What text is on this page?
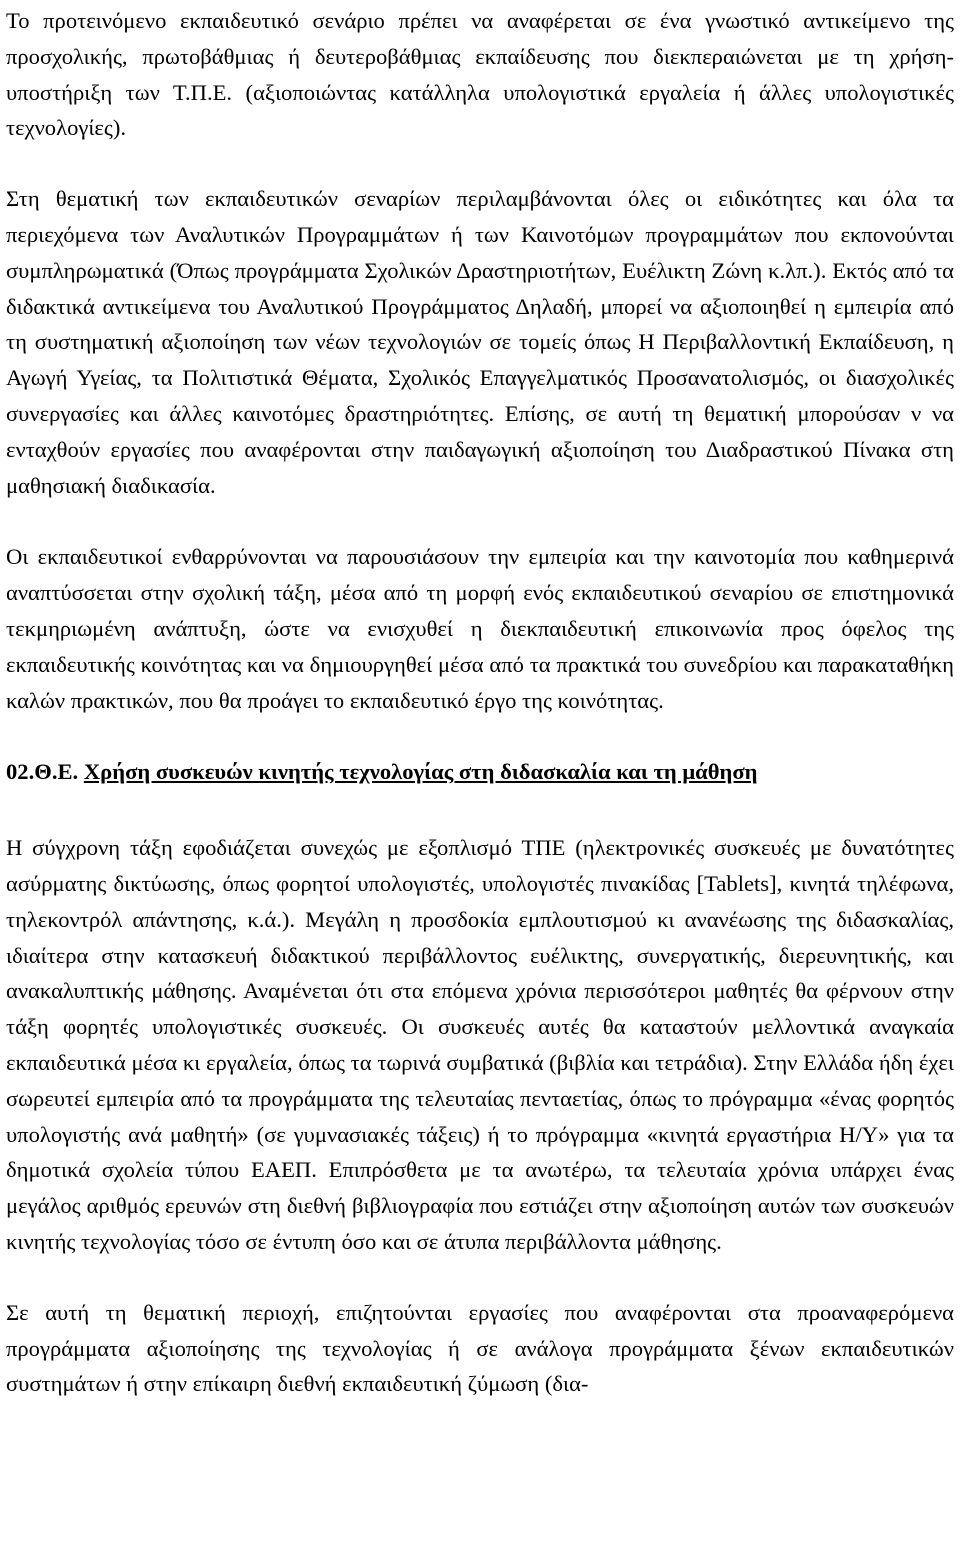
Το προτεινόμενο εκπαιδευτικό σενάριο πρέπει να αναφέρεται σε ένα γνωστικό αντικείμενο της προσχολικής, πρωτοβάθμιας ή δευτεροβάθμιας εκπαίδευσης που διεκπεραιώνεται με τη χρήση-υποστήριξη των Τ.Π.Ε. (αξιοποιώντας κατάλληλα υπολογιστικά εργαλεία ή άλλες υπολογιστικές τεχνολογίες).

Στη θεματική των εκπαιδευτικών σεναρίων περιλαμβάνονται όλες οι ειδικότητες και όλα τα περιεχόμενα των Αναλυτικών Προγραμμάτων ή των Καινοτόμων προγραμμάτων που εκπονούνται συμπληρωματικά (Όπως προγράμματα Σχολικών Δραστηριοτήτων, Ευέλικτη Ζώνη κ.λπ.). Εκτός από τα διδακτικά αντικείμενα του Αναλυτικού Προγράμματος Δηλαδή, μπορεί να αξιοποιηθεί η εμπειρία από τη συστηματική αξιοποίηση των νέων τεχνολογιών σε τομείς όπως Η Περιβαλλοντική Εκπαίδευση, η Αγωγή Υγείας, τα Πολιτιστικά Θέματα, Σχολικός Επαγγελματικός Προσανατολισμός, οι διασχολικές συνεργασίες και άλλες καινοτόμες δραστηριότητες. Επίσης, σε αυτή τη θεματική μπορούσαν ν να ενταχθούν εργασίες που αναφέρονται στην παιδαγωγική αξιοποίηση του Διαδραστικού Πίνακα στη μαθησιακή διαδικασία.

Οι εκπαιδευτικοί ενθαρρύνονται να παρουσιάσουν την εμπειρία και την καινοτομία που καθημερινά αναπτύσσεται στην σχολική τάξη, μέσα από τη μορφή ενός εκπαιδευτικού σεναρίου σε επιστημονικά τεκμηριωμένη ανάπτυξη, ώστε να ενισχυθεί η διεκπαιδευτική επικοινωνία προς όφελος της εκπαιδευτικής κοινότητας και να δημιουργηθεί μέσα από τα πρακτικά του συνεδρίου και παρακαταθήκη καλών πρακτικών, που θα προάγει το εκπαιδευτικό έργο της κοινότητας.

02.Θ.Ε. Χρήση συσκευών κινητής τεχνολογίας στη διδασκαλία και τη μάθηση

Η σύγχρονη τάξη εφοδιάζεται συνεχώς με εξοπλισμό ΤΠΕ (ηλεκτρονικές συσκευές με δυνατότητες ασύρματης δικτύωσης, όπως φορητοί υπολογιστές, υπολογιστές πινακίδας [Tablets], κινητά τηλέφωνα, τηλεκοντρόλ απάντησης, κ.ά.). Μεγάλη η προσδοκία εμπλουτισμού κι ανανέωσης της διδασκαλίας, ιδιαίτερα στην κατασκευή διδακτικού περιβάλλοντος ευέλικτης, συνεργατικής, διερευνητικής, και ανακαλυπτικής μάθησης. Αναμένεται ότι στα επόμενα χρόνια περισσότεροι μαθητές θα φέρνουν στην τάξη φορητές υπολογιστικές συσκευές. Οι συσκευές αυτές θα καταστούν μελλοντικά αναγκαία εκπαιδευτικά μέσα κι εργαλεία, όπως τα τωρινά συμβατικά (βιβλία και τετράδια). Στην Ελλάδα ήδη έχει σωρευτεί εμπειρία από τα προγράμματα της τελευταίας πενταετίας, όπως το πρόγραμμα «ένας φορητός υπολογιστής ανά μαθητή» (σε γυμνασιακές τάξεις) ή το πρόγραμμα «κινητά εργαστήρια Η/Υ» για τα δημοτικά σχολεία τύπου ΕΑΕΠ. Επιπρόσθετα με τα ανωτέρω, τα τελευταία χρόνια υπάρχει ένας μεγάλος αριθμός ερευνών στη διεθνή βιβλιογραφία που εστιάζει στην αξιοποίηση αυτών των συσκευών κινητής τεχνολογίας τόσο σε έντυπη όσο και σε άτυπα περιβάλλοντα μάθησης.

Σε αυτή τη θεματική περιοχή, επιζητούνται εργασίες που αναφέρονται στα προαναφερόμενα προγράμματα αξιοποίησης της τεχνολογίας ή σε ανάλογα προγράμματα ξένων εκπαιδευτικών συστημάτων ή στην επίκαιρη διεθνή εκπαιδευτική ζύμωση (δια-
